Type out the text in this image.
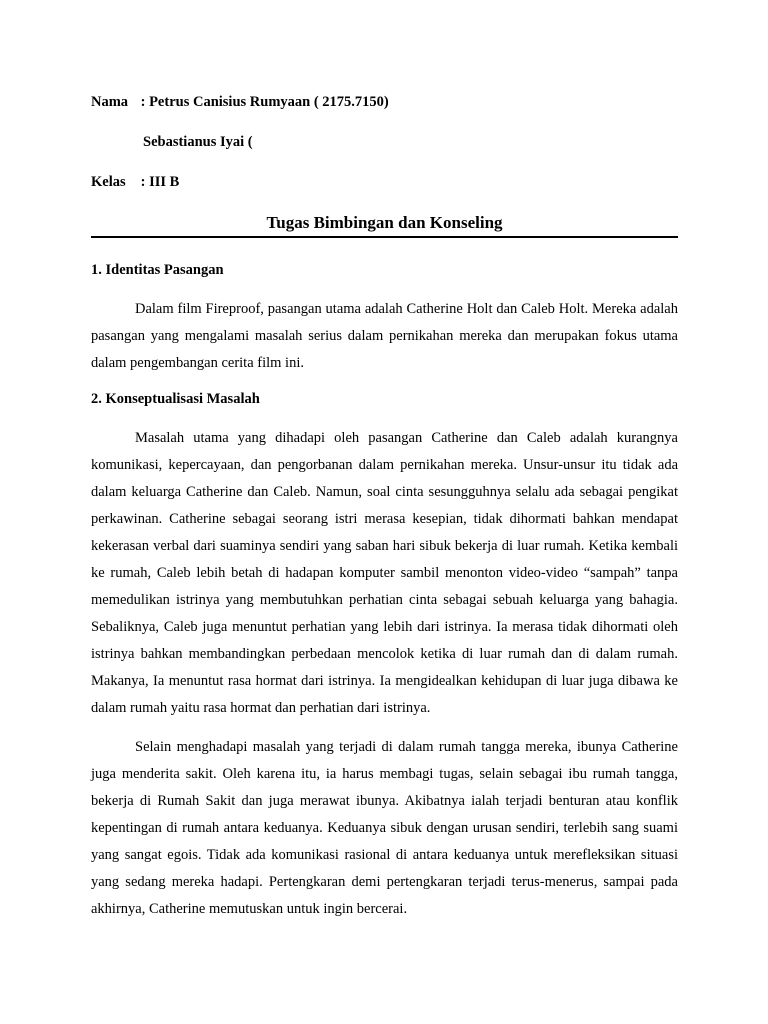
Nama : Petrus Canisius Rumyaan ( 2175.7150)
Sebastianus Iyai (
Kelas : III B
Tugas Bimbingan dan Konseling
1. Identitas Pasangan

Dalam film Fireproof, pasangan utama adalah Catherine Holt dan Caleb Holt. Mereka adalah pasangan yang mengalami masalah serius dalam pernikahan mereka dan merupakan fokus utama dalam pengembangan cerita film ini.

2. Konseptualisasi Masalah

Masalah utama yang dihadapi oleh pasangan Catherine dan Caleb adalah kurangnya komunikasi, kepercayaan, dan pengorbanan dalam pernikahan mereka. Unsur-unsur itu tidak ada dalam keluarga Catherine dan Caleb. Namun, soal cinta sesungguhnya selalu ada sebagai pengikat perkawinan. Catherine sebagai seorang istri merasa kesepian, tidak dihormati bahkan mendapat kekerasan verbal dari suaminya sendiri yang saban hari sibuk bekerja di luar rumah. Ketika kembali ke rumah, Caleb lebih betah di hadapan komputer sambil menonton video-video “sampah” tanpa memedulikan istrinya yang membutuhkan perhatian cinta sebagai sebuah keluarga yang bahagia. Sebaliknya, Caleb juga menuntut perhatian yang lebih dari istrinya. Ia merasa tidak dihormati oleh istrinya bahkan membandingkan perbedaan mencolok ketika di luar rumah dan di dalam rumah. Makanya, Ia menuntut rasa hormat dari istrinya. Ia mengidealkan kehidupan di luar juga dibawa ke dalam rumah yaitu rasa hormat dan perhatian dari istrinya.

Selain menghadapi masalah yang terjadi di dalam rumah tangga mereka, ibunya Catherine juga menderita sakit. Oleh karena itu, ia harus membagi tugas, selain sebagai ibu rumah tangga, bekerja di Rumah Sakit dan juga merawat ibunya. Akibatnya ialah terjadi benturan atau konflik kepentingan di rumah antara keduanya. Keduanya sibuk dengan urusan sendiri, terlebih sang suami yang sangat egois. Tidak ada komunikasi rasional di antara keduanya untuk merefleksikan situasi yang sedang mereka hadapi. Pertengkaran demi pertengkaran terjadi terus-menerus, sampai pada akhirnya, Catherine memutuskan untuk ingin bercerai.
